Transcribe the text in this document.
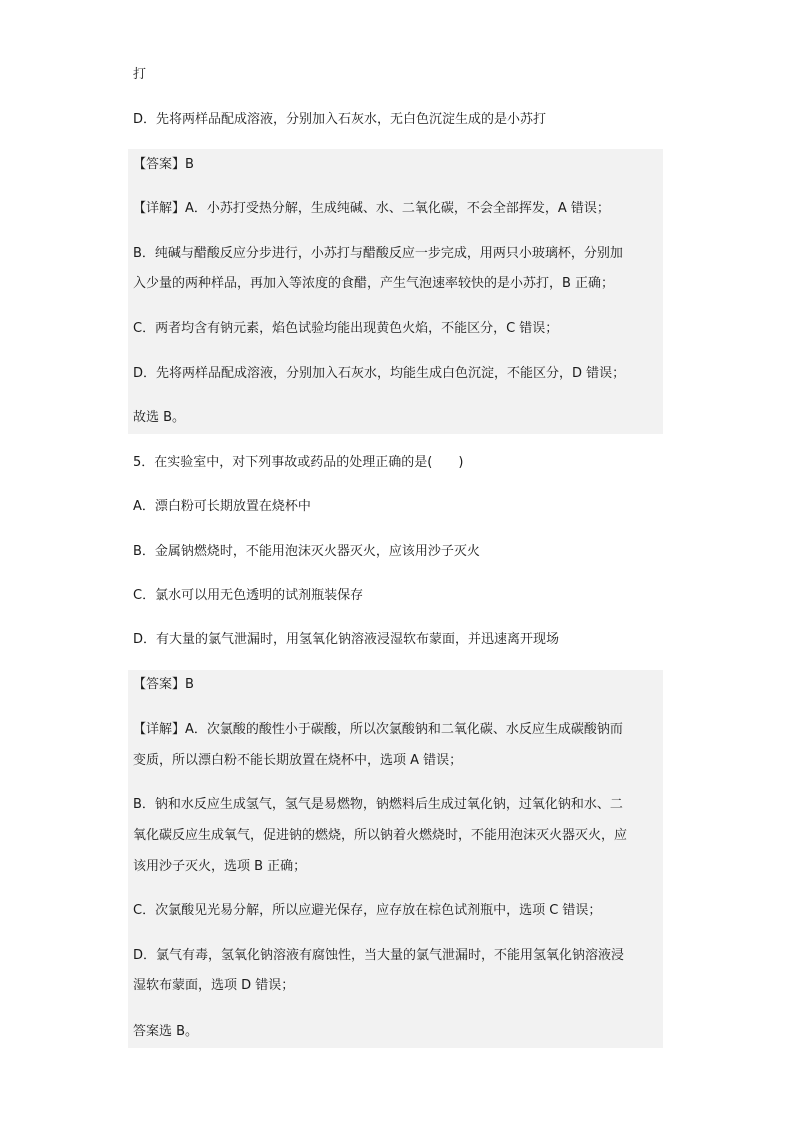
打
D．先将两样品配成溶液，分别加入石灰水，无白色沉淀生成的是小苏打
【答案】B
【详解】A．小苏打受热分解，生成纯碱、水、二氧化碳，不会全部挥发，A 错误；
B．纯碱与醋酸反应分步进行，小苏打与醋酸反应一步完成，用两只小玻璃杯，分别加
入少量的两种样品，再加入等浓度的食醋，产生气泡速率较快的是小苏打，B 正确；
C．两者均含有钠元素，焰色试验均能出现黄色火焰，不能区分，C 错误；
D．先将两样品配成溶液，分别加入石灰水，均能生成白色沉淀，不能区分，D 错误；
故选 B。
5．在实验室中，对下列事故或药品的处理正确的是(　　)
A．漂白粉可长期放置在烧杯中
B．金属钠燃烧时，不能用泡沫灭火器灭火，应该用沙子灭火
C．氯水可以用无色透明的试剂瓶装保存
D．有大量的氯气泄漏时，用氢氧化钠溶液浸湿软布蒙面，并迅速离开现场
【答案】B
【详解】A．次氯酸的酸性小于碳酸，所以次氯酸钠和二氧化碳、水反应生成碳酸钠而
变质，所以漂白粉不能长期放置在烧杯中，选项 A 错误；
B．钠和水反应生成氢气，氢气是易燃物，钠燃料后生成过氧化钠，过氧化钠和水、二
氧化碳反应生成氧气，促进钠的燃烧，所以钠着火燃烧时，不能用泡沫灭火器灭火，应
该用沙子灭火，选项 B 正确；
C．次氯酸见光易分解，所以应避光保存，应存放在棕色试剂瓶中，选项 C 错误；
D．氯气有毒，氢氧化钠溶液有腐蚀性，当大量的氯气泄漏时，不能用氢氧化钠溶液浸
湿软布蒙面，选项 D 错误；
答案选 B。
